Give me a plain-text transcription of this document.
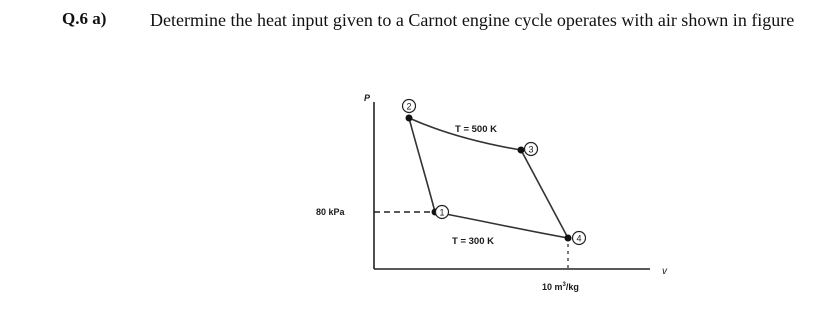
Q.6 a) Determine the heat input given to a Carnot engine cycle operates with air shown in figure
P
v
80 kPa
10 $m^3/kg$
T = 500 K
T = 300 K
1
2
3
4
